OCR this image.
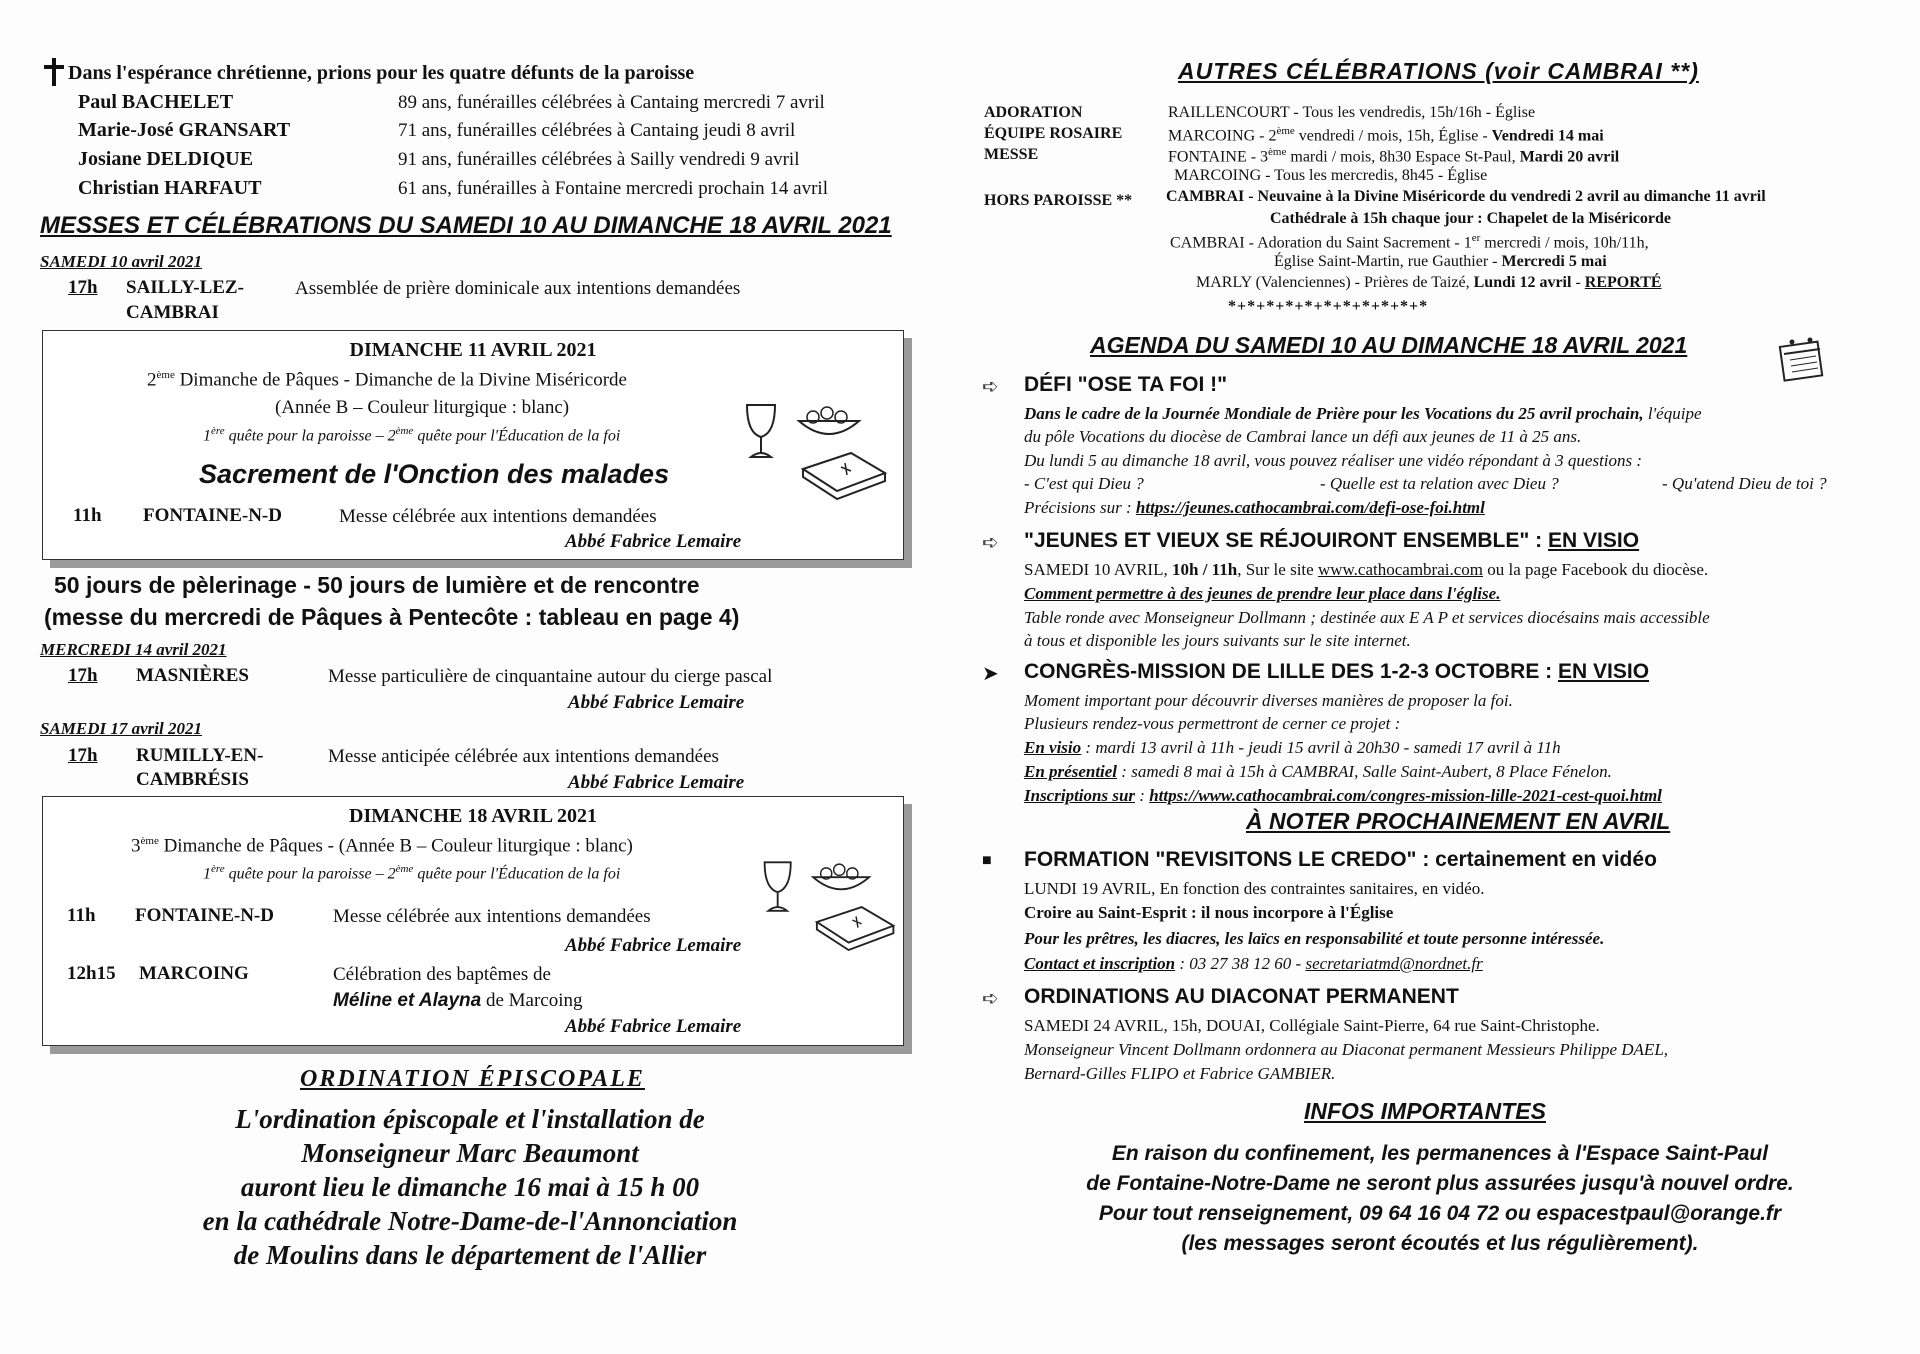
Dans l'espérance chrétienne, prions pour les quatre défunts de la paroisse
Paul BACHELET	89 ans, funérailles célébrées à Cantaing mercredi 7 avril
Marie-José GRANSART	71 ans, funérailles célébrées à Cantaing jeudi 8 avril
Josiane DELDIQUE	91 ans, funérailles célébrées à Sailly vendredi 9 avril
Christian HARFAUT	61 ans, funérailles à Fontaine mercredi prochain 14 avril
MESSES ET CÉLÉBRATIONS DU SAMEDI 10 AU DIMANCHE 18 AVRIL 2021
SAMEDI 10 avril 2021
17h SAILLY-LEZ-
CAMBRAI
Assemblée de prière dominicale aux intentions demandées
DIMANCHE 11 AVRIL 2021
2ème Dimanche de Pâques - Dimanche de la Divine Miséricorde
(Année B – Couleur liturgique : blanc)
1ère quête pour la paroisse – 2ème quête pour l'Éducation de la foi
Sacrement de l'Onction des malades
11h FONTAINE-N-D	Messe célébrée aux intentions demandées
Abbé Fabrice Lemaire
50 jours de pèlerinage - 50 jours de lumière et de rencontre
(messe du mercredi de Pâques à Pentecôte : tableau en page 4)
MERCREDI 14 avril 2021
17h MASNIÈRES	Messe particulière de cinquantaine autour du cierge pascal
Abbé Fabrice Lemaire
SAMEDI 17 avril 2021
17h RUMILLY-EN-
CAMBRÉSIS
Messe anticipée célébrée aux intentions demandées
Abbé Fabrice Lemaire
DIMANCHE 18 AVRIL 2021
3ème Dimanche de Pâques - (Année B – Couleur liturgique : blanc)
1ère quête pour la paroisse – 2ème quête pour l'Éducation de la foi
11h FONTAINE-N-D	Messe célébrée aux intentions demandées
Abbé Fabrice Lemaire
12h15 MARCOING	Célébration des baptêmes de
Méline et Alayna de Marcoing
Abbé Fabrice Lemaire
ORDINATION ÉPISCOPALE
L'ordination épiscopale et l'installation de
Monseigneur Marc Beaumont
auront lieu le dimanche 16 mai à 15 h 00
en la cathédrale Notre-Dame-de-l'Annonciation
de Moulins dans le département de l'Allier
AUTRES CÉLÉBRATIONS (voir CAMBRAI **)
ADORATION	RAILLENCOURT - Tous les vendredis, 15h/16h - Église
ÉQUIPE ROSAIRE	MARCOING - 2ème vendredi / mois, 15h, Église - Vendredi 14 mai
MESSE	FONTAINE - 3ème mardi / mois, 8h30 Espace St-Paul, Mardi 20 avril
MARCOING - Tous les mercredis, 8h45 - Église
HORS PAROISSE ** CAMBRAI - Neuvaine à la Divine Miséricorde du vendredi 2 avril au dimanche 11 avril
Cathédrale à 15h chaque jour : Chapelet de la Miséricorde
CAMBRAI - Adoration du Saint Sacrement - 1er mercredi / mois, 10h/11h,
Église Saint-Martin, rue Gauthier - Mercredi 5 mai
MARLY (Valenciennes) - Prières de Taizé, Lundi 12 avril - REPORTÉ
*+*+*+*+*+*+*+*+*+*+*
AGENDA DU SAMEDI 10 AU DIMANCHE 18 AVRIL 2021
➪ DÉFI "OSE TA FOI !"
Dans le cadre de la Journée Mondiale de Prière pour les Vocations du 25 avril prochain, l'équipe
du pôle Vocations du diocèse de Cambrai lance un défi aux jeunes de 11 à 25 ans.
Du lundi 5 au dimanche 18 avril, vous pouvez réaliser une vidéo répondant à 3 questions :
- C'est qui Dieu ?	- Quelle est ta relation avec Dieu ?	- Qu'atend Dieu de toi ?
Précisions sur : https://jeunes.cathocambrai.com/defi-ose-foi.html
➪ "JEUNES ET VIEUX SE RÉJOUIRONT ENSEMBLE" : EN VISIO
SAMEDI 10 AVRIL, 10h / 11h, Sur le site www.cathocambrai.com ou la page Facebook du diocèse.
Comment permettre à des jeunes de prendre leur place dans l'église.
Table ronde avec Monseigneur Dollmann ; destinée aux E A P et services diocésains mais accessible
à tous et disponible les jours suivants sur le site internet.
➤ CONGRÈS-MISSION DE LILLE DES 1-2-3 OCTOBRE : EN VISIO
Moment important pour découvrir diverses manières de proposer la foi.
Plusieurs rendez-vous permettront de cerner ce projet :
En visio : mardi 13 avril à 11h - jeudi 15 avril à 20h30 - samedi 17 avril à 11h
En présentiel : samedi 8 mai à 15h à CAMBRAI, Salle Saint-Aubert, 8 Place Fénelon.
Inscriptions sur : https://www.cathocambrai.com/congres-mission-lille-2021-cest-quoi.html
À NOTER PROCHAINEMENT EN AVRIL
■ FORMATION "REVISITONS LE CREDO" : certainement en vidéo
LUNDI 19 AVRIL, En fonction des contraintes sanitaires, en vidéo.
Croire au Saint-Esprit : il nous incorpore à l'Église
Pour les prêtres, les diacres, les laïcs en responsabilité et toute personne intéressée.
Contact et inscription : 03 27 38 12 60 - secretariatmd@nordnet.fr
➪ ORDINATIONS AU DIACONAT PERMANENT
SAMEDI 24 AVRIL, 15h, DOUAI, Collégiale Saint-Pierre, 64 rue Saint-Christophe.
Monseigneur Vincent Dollmann ordonnera au Diaconat permanent Messieurs Philippe DAEL,
Bernard-Gilles FLIPO et Fabrice GAMBIER.
INFOS IMPORTANTES
En raison du confinement, les permanences à l'Espace Saint-Paul
de Fontaine-Notre-Dame ne seront plus assurées jusqu'à nouvel ordre.
Pour tout renseignement, 09 64 16 04 72 ou espacestpaul@orange.fr
(les messages seront écoutés et lus régulièrement).
